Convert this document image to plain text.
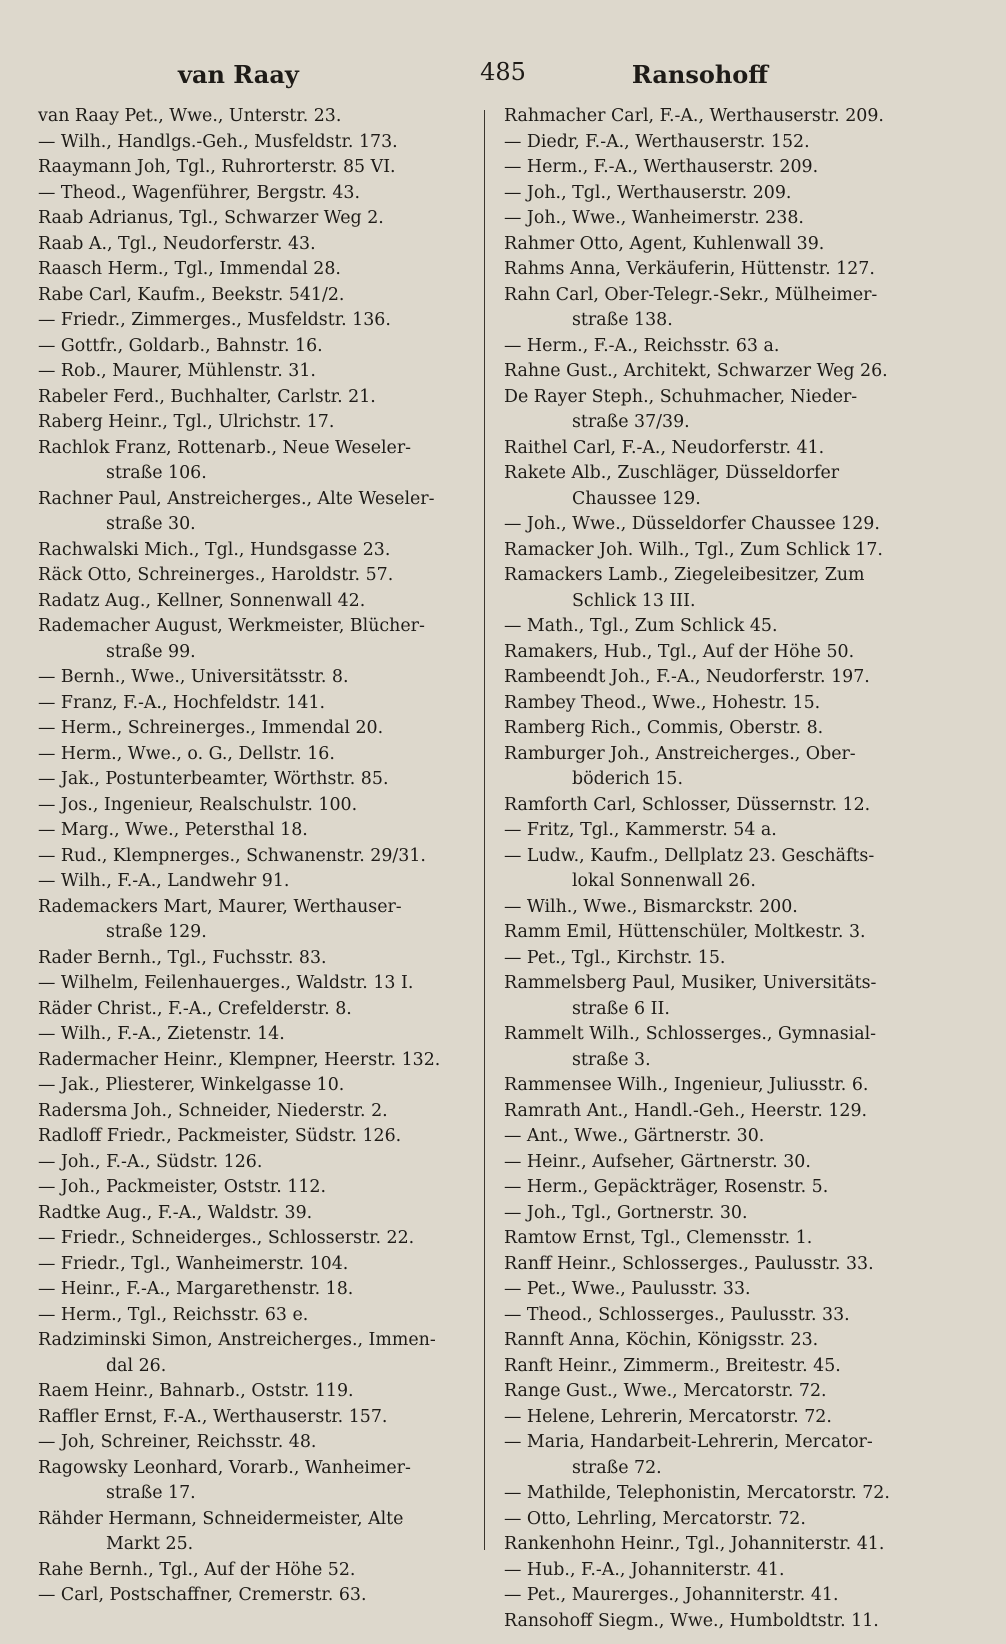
van Raay	485	Ransohoff
van Raay Pet., Wwe., Unterstr. 23.
— Wilh., Handlgs.-Geh., Musfeldstr. 173.
Raaymann Joh, Tgl., Ruhrorterstr. 85 VI.
— Theod., Wagenführer, Bergstr. 43.
Raab Adrianus, Tgl., Schwarzer Weg 2.
Raab A., Tgl., Neudorferstr. 43.
Raasch Herm., Tgl., Immendal 28.
Rabe Carl, Kaufm., Beekstr. 541/2.
— Friedr., Zimmerges., Musfeldstr. 136.
— Gottfr., Goldarb., Bahnstr. 16.
— Rob., Maurer, Mühlenstr. 31.
Rabeler Ferd., Buchhalter, Carlstr. 21.
Raberg Heinr., Tgl., Ulrichstr. 17.
Rachlok Franz, Rottenarb., Neue Weseler-
straße 106.
Rachner Paul, Anstreicherges., Alte Weseler-
straße 30.
Rachwalski Mich., Tgl., Hundsgasse 23.
Räck Otto, Schreinerges., Haroldstr. 57.
Radatz Aug., Kellner, Sonnenwall 42.
Rademacher August, Werkmeister, Blücher-
straße 99.
— Bernh., Wwe., Universitätsstr. 8.
— Franz, F.-A., Hochfeldstr. 141.
— Herm., Schreinerges., Immendal 20.
— Herm., Wwe., o. G., Dellstr. 16.
— Jak., Postunterbeamter, Wörthstr. 85.
— Jos., Ingenieur, Realschulstr. 100.
— Marg., Wwe., Petersthal 18.
— Rud., Klempnerges., Schwanenstr. 29/31.
— Wilh., F.-A., Landwehr 91.
Rademackers Mart, Maurer, Werthauser-
straße 129.
Rader Bernh., Tgl., Fuchsstr. 83.
— Wilhelm, Feilenhauerges., Waldstr. 13 I.
Räder Christ., F.-A., Crefelderstr. 8.
— Wilh., F.-A., Zietenstr. 14.
Radermacher Heinr., Klempner, Heerstr. 132.
— Jak., Pliesterer, Winkelgasse 10.
Radersma Joh., Schneider, Niederstr. 2.
Radloff Friedr., Packmeister, Südstr. 126.
— Joh., F.-A., Südstr. 126.
— Joh., Packmeister, Oststr. 112.
Radtke Aug., F.-A., Waldstr. 39.
— Friedr., Schneiderges., Schlosserstr. 22.
— Friedr., Tgl., Wanheimerstr. 104.
— Heinr., F.-A., Margarethenstr. 18.
— Herm., Tgl., Reichsstr. 63 e.
Radziminski Simon, Anstreicherges., Immen-
dal 26.
Raem Heinr., Bahnarb., Oststr. 119.
Raffler Ernst, F.-A., Werthauserstr. 157.
— Joh, Schreiner, Reichsstr. 48.
Ragowsky Leonhard, Vorarb., Wanheimer-
straße 17.
Rähder Hermann, Schneidermeister, Alte
Markt 25.
Rahe Bernh., Tgl., Auf der Höhe 52.
— Carl, Postschaffner, Cremerstr. 63.
Rahmacher Carl, F.-A., Werthauserstr. 209.
— Diedr, F.-A., Werthauserstr. 152.
— Herm., F.-A., Werthauserstr. 209.
— Joh., Tgl., Werthauserstr. 209.
— Joh., Wwe., Wanheimerstr. 238.
Rahmer Otto, Agent, Kuhlenwall 39.
Rahms Anna, Verkäuferin, Hüttenstr. 127.
Rahn Carl, Ober-Telegr.-Sekr., Mülheimer-
straße 138.
— Herm., F.-A., Reichsstr. 63 a.
Rahne Gust., Architekt, Schwarzer Weg 26.
De Rayer Steph., Schuhmacher, Nieder-
straße 37/39.
Raithel Carl, F.-A., Neudorferstr. 41.
Rakete Alb., Zuschläger, Düsseldorfer
Chaussee 129.
— Joh., Wwe., Düsseldorfer Chaussee 129.
Ramacker Joh. Wilh., Tgl., Zum Schlick 17.
Ramackers Lamb., Ziegeleibesitzer, Zum
Schlick 13 III.
— Math., Tgl., Zum Schlick 45.
Ramakers, Hub., Tgl., Auf der Höhe 50.
Rambeendt Joh., F.-A., Neudorferstr. 197.
Rambey Theod., Wwe., Hohestr. 15.
Ramberg Rich., Commis, Oberstr. 8.
Ramburger Joh., Anstreicherges., Ober-
böderich 15.
Ramforth Carl, Schlosser, Düssernstr. 12.
— Fritz, Tgl., Kammerstr. 54 a.
— Ludw., Kaufm., Dellplatz 23. Geschäfts-
lokal Sonnenwall 26.
— Wilh., Wwe., Bismarckstr. 200.
Ramm Emil, Hüttenschüler, Moltkestr. 3.
— Pet., Tgl., Kirchstr. 15.
Rammelsberg Paul, Musiker, Universitäts-
straße 6 II.
Rammelt Wilh., Schlosserges., Gymnasial-
straße 3.
Rammensee Wilh., Ingenieur, Juliusstr. 6.
Ramrath Ant., Handl.-Geh., Heerstr. 129.
— Ant., Wwe., Gärtnerstr. 30.
— Heinr., Aufseher, Gärtnerstr. 30.
— Herm., Gepäckträger, Rosenstr. 5.
— Joh., Tgl., Gortnerstr. 30.
Ramtow Ernst, Tgl., Clemensstr. 1.
Ranff Heinr., Schlosserges., Paulusstr. 33.
— Pet., Wwe., Paulusstr. 33.
— Theod., Schlosserges., Paulusstr. 33.
Rannft Anna, Köchin, Königsstr. 23.
Ranft Heinr., Zimmerm., Breitestr. 45.
Range Gust., Wwe., Mercatorstr. 72.
— Helene, Lehrerin, Mercatorstr. 72.
— Maria, Handarbeit-Lehrerin, Mercator-
straße 72.
— Mathilde, Telephonistin, Mercatorstr. 72.
— Otto, Lehrling, Mercatorstr. 72.
Rankenhohn Heinr., Tgl., Johanniterstr. 41.
— Hub., F.-A., Johanniterstr. 41.
— Pet., Maurerges., Johanniterstr. 41.
Ransohoff Siegm., Wwe., Humboldtstr. 11.
